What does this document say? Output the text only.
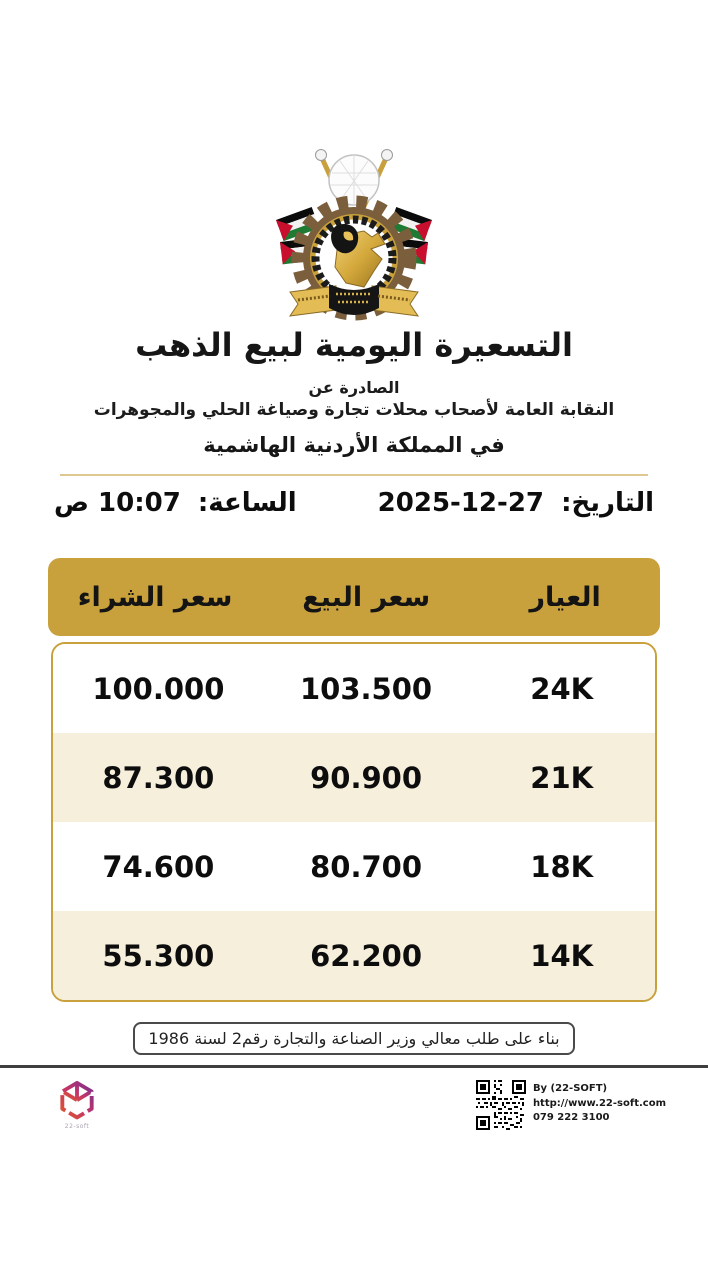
التسعيرة اليومية لبيع الذهب
الصادرة عن
النقابة العامة لأصحاب محلات تجارة وصياغة الحلي والمجوهرات
في المملكة الأردنية الهاشمية
التاريخ: 27-12-2025
الساعة: 10:07 ص
العيار
سعر البيع
سعر الشراء
24K
103.500
100.000
21K
90.900
87.300
18K
80.700
74.600
14K
62.200
55.300
بناء على طلب معالي وزير الصناعة والتجارة رقم2 لسنة 1986
22-soft
By (22-SOFT)
http://www.22-soft.com
079 222 3100
